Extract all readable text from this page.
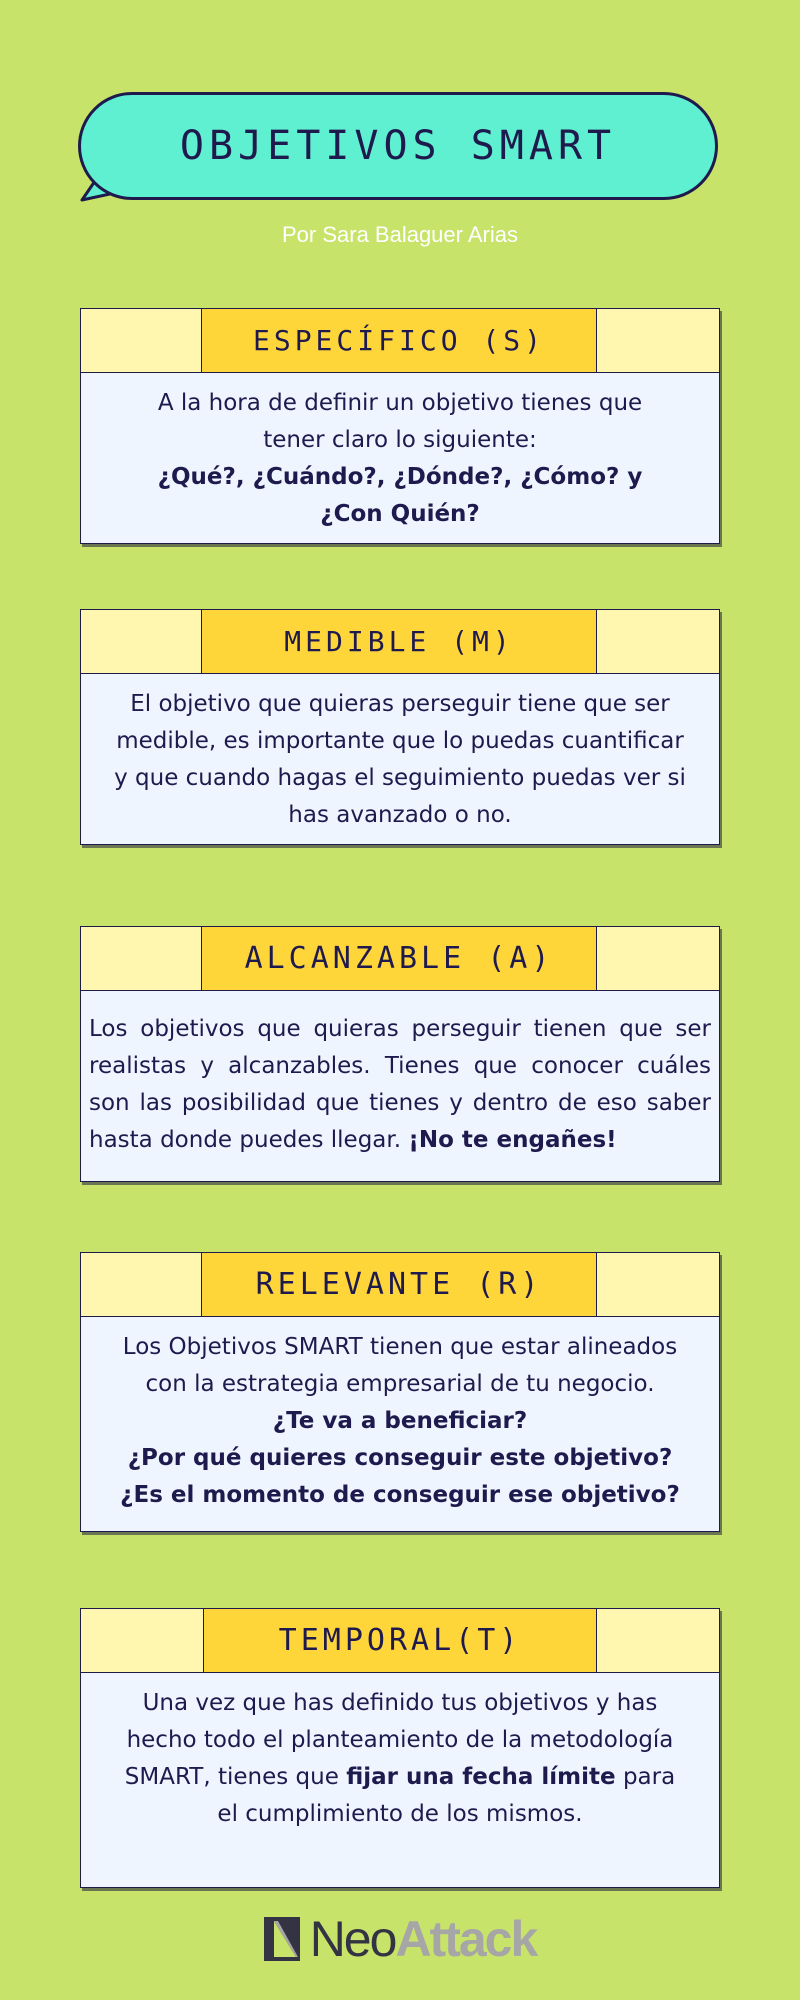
OBJETIVOS SMART
Por Sara Balaguer Arias
ESPECÍFICO (S)
A la hora de definir un objetivo tienes que tener claro lo siguiente:
¿Qué?, ¿Cuándo?, ¿Dónde?, ¿Cómo? y ¿Con Quién?
MEDIBLE (M)
El objetivo que quieras perseguir tiene que ser medible, es importante que lo puedas cuantificar y que cuando hagas el seguimiento puedas ver si has avanzado o no.
ALCANZABLE (A)
Los objetivos que quieras perseguir tienen que ser realistas y alcanzables. Tienes que conocer cuáles son las posibilidad que tienes y dentro de eso saber hasta donde puedes llegar. ¡No te engañes!
RELEVANTE (R)
Los Objetivos SMART tienen que estar alineados con la estrategia empresarial de tu negocio.
¿Te va a beneficiar?
¿Por qué quieres conseguir este objetivo?
¿Es el momento de conseguir ese objetivo?
TEMPORAL(T)
Una vez que has definido tus objetivos y has hecho todo el planteamiento de la metodología SMART, tienes que fijar una fecha límite para el cumplimiento de los mismos.
NeoAttack
